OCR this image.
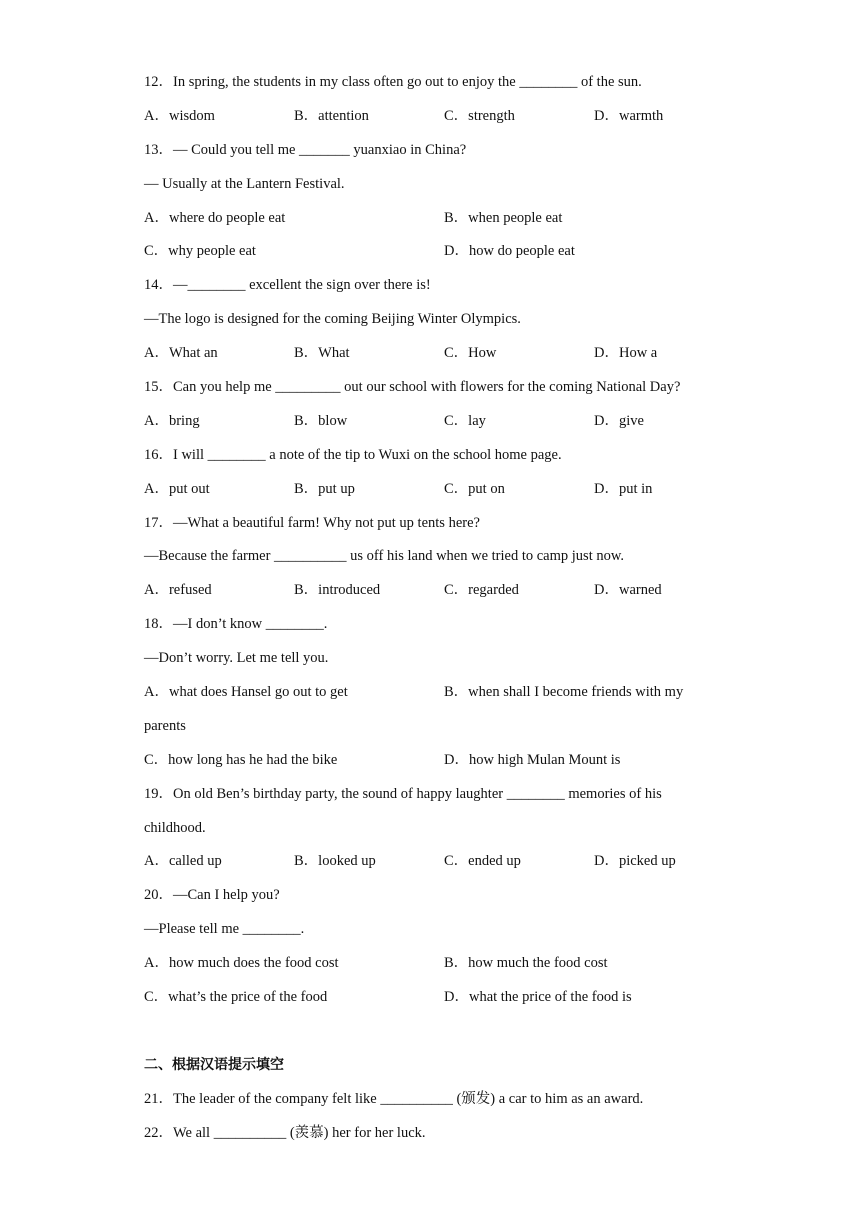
12．In spring, the students in my class often go out to enjoy the ________ of the sun.
A．wisdom	B．attention	C．strength	D．warmth
13．— Could you tell me _______ yuanxiao in China?
— Usually at the Lantern Festival.
A．where do people eat	B．when people eat
C．why people eat	D．how do people eat
14．—________ excellent the sign over there is!
—The logo is designed for the coming Beijing Winter Olympics.
A．What an	B．What	C．How	D．How a
15．Can you help me _________ out our school with flowers for the coming National Day?
A．bring	B．blow	C．lay	D．give
16．I will ________ a note of the tip to Wuxi on the school home page.
A．put out	B．put up	C．put on	D．put in
17．—What a beautiful farm! Why not put up tents here?
—Because the farmer __________ us off his land when we tried to camp just now.
A．refused	B．introduced	C．regarded	D．warned
18．—I don’t know ________.
—Don’t worry. Let me tell you.
A．what does Hansel go out to get	B．when shall I become friends with my
parents
C．how long has he had the bike	D．how high Mulan Mount is
19．On old Ben’s birthday party, the sound of happy laughter ________ memories of his
childhood.
A．called up	B．looked up	C．ended up	D．picked up
20．—Can I help you?
—Please tell me ________.
A．how much does the food cost	B．how much the food cost
C．what’s the price of the food	D．what the price of the food is
二、根据汉语提示填空
21．The leader of the company felt like __________ (颁发) a car to him as an award.
22．We all __________ (羡慕) her for her luck.
